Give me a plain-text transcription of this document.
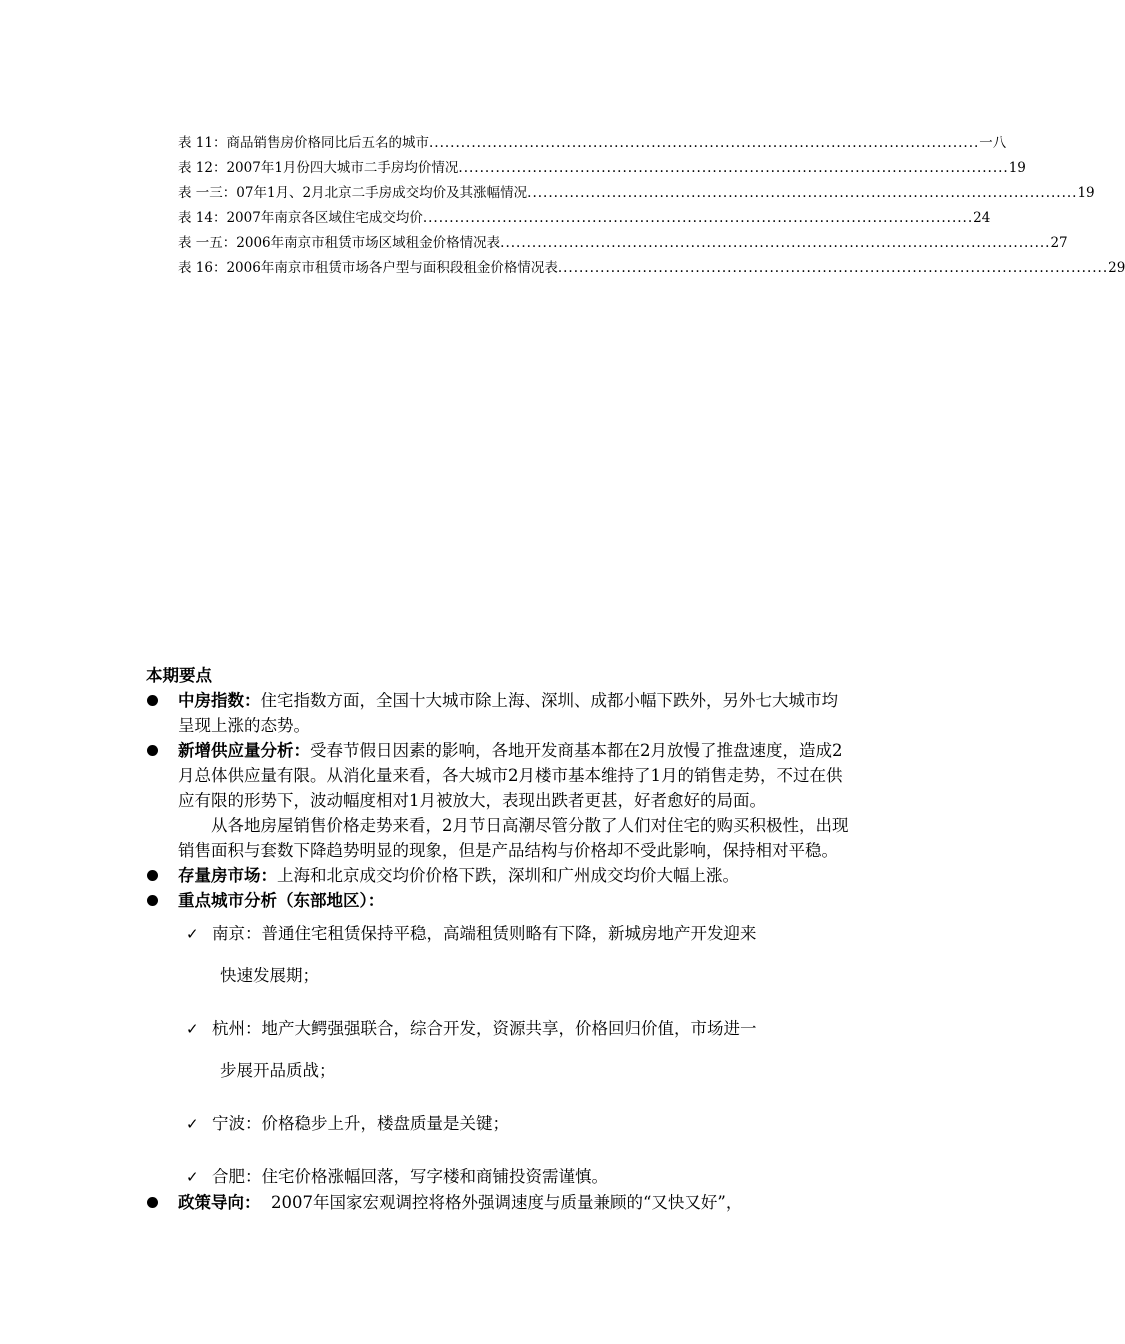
表 11：商品销售房价格同比后五名的城市 ........................................................................................................ 一八
表 12：2007年1月份四大城市二手房均价情况 ........................................................................................................ 19
表 一三：07年1月、2月北京二手房成交均价及其涨幅情况 ........................................................................................................ 19
表 14：2007年南京各区域住宅成交均价 ........................................................................................................ 24
表 一五：2006年南京市租赁市场区域租金价格情况表 ........................................................................................................ 27
表 16：2006年南京市租赁市场各户型与面积段租金价格情况表 ........................................................................................................ 29
本期要点
中房指数：住宅指数方面，全国十大城市除上海、深圳、成都小幅下跌外，另外七大城市均呈现上涨的态势。
新增供应量分析：受春节假日因素的影响，各地开发商基本都在2月放慢了推盘速度，造成2月总体供应量有限。从消化量来看，各大城市2月楼市基本维持了1月的销售走势，不过在供应有限的形势下，波动幅度相对1月被放大，表现出跌者更甚，好者愈好的局面。
从各地房屋销售价格走势来看，2月节日高潮尽管分散了人们对住宅的购买积极性，出现销售面积与套数下降趋势明显的现象，但是产品结构与价格却不受此影响，保持相对平稳。
存量房市场：上海和北京成交均价价格下跌，深圳和广州成交均价大幅上涨。
重点城市分析（东部地区）：
✓ 南京：普通住宅租赁保持平稳，高端租赁则略有下降，新城房地产开发迎来
快速发展期；
✓ 杭州：地产大鳄强强联合，综合开发，资源共享，价格回归价值，市场进一
步展开品质战；
✓ 宁波：价格稳步上升，楼盘质量是关键；
✓ 合肥：住宅价格涨幅回落，写字楼和商铺投资需谨慎。
政策导向：  2007年国家宏观调控将格外强调速度与质量兼顾的“又快又好”，
